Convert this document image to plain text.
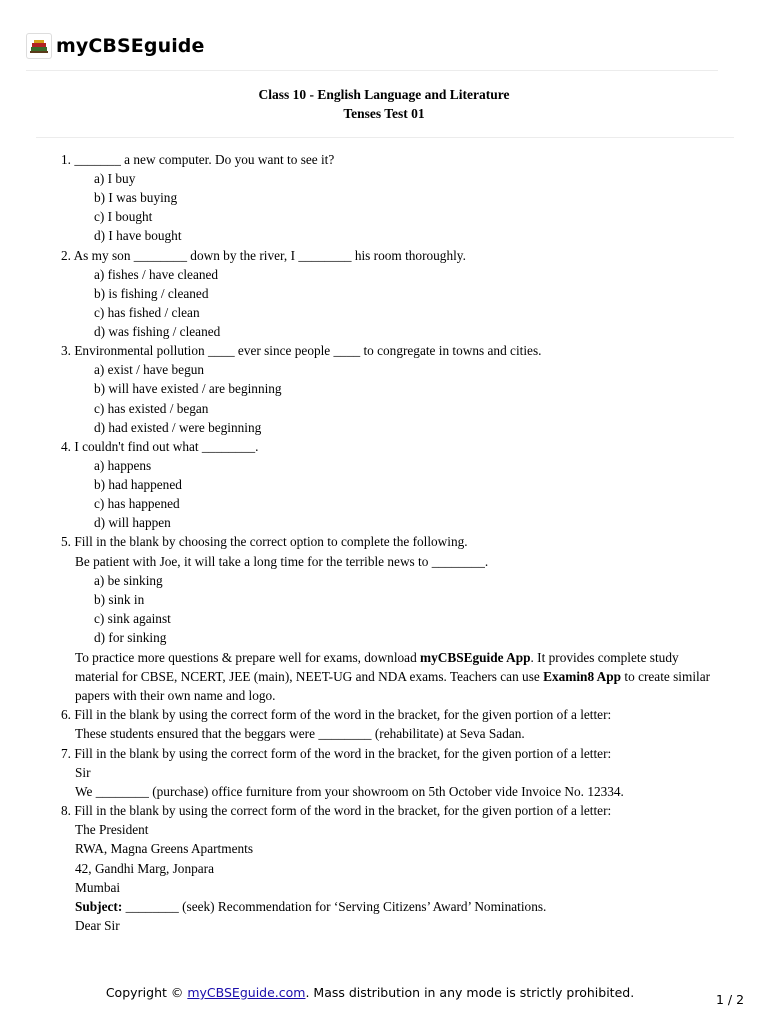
myCBSEguide
Class 10 - English Language and Literature
Tenses Test 01
1. _______ a new computer. Do you want to see it?
a) I buy
b) I was buying
c) I bought
d) I have bought
2. As my son ________ down by the river, I ________ his room thoroughly.
a) fishes / have cleaned
b) is fishing / cleaned
c) has fished / clean
d) was fishing / cleaned
3. Environmental pollution ____ ever since people ____ to congregate in towns and cities.
a) exist / have begun
b) will have existed / are beginning
c) has existed / began
d) had existed / were beginning
4. I couldn't find out what ________.
a) happens
b) had happened
c) has happened
d) will happen
5. Fill in the blank by choosing the correct option to complete the following.
Be patient with Joe, it will take a long time for the terrible news to ________.
a) be sinking
b) sink in
c) sink against
d) for sinking
To practice more questions & prepare well for exams, download myCBSEguide App. It provides complete study
material for CBSE, NCERT, JEE (main), NEET-UG and NDA exams. Teachers can use Examin8 App to create similar
papers with their own name and logo.
6. Fill in the blank by using the correct form of the word in the bracket, for the given portion of a letter:
These students ensured that the beggars were ________ (rehabilitate) at Seva Sadan.
7. Fill in the blank by using the correct form of the word in the bracket, for the given portion of a letter:
Sir
We ________ (purchase) office furniture from your showroom on 5th October vide Invoice No. 12334.
8. Fill in the blank by using the correct form of the word in the bracket, for the given portion of a letter:
The President
RWA, Magna Greens Apartments
42, Gandhi Marg, Jonpara
Mumbai
Subject: ________ (seek) Recommendation for ‘Serving Citizens’ Award’ Nominations.
Dear Sir
Copyright © myCBSEguide.com. Mass distribution in any mode is strictly prohibited.	1 / 2
